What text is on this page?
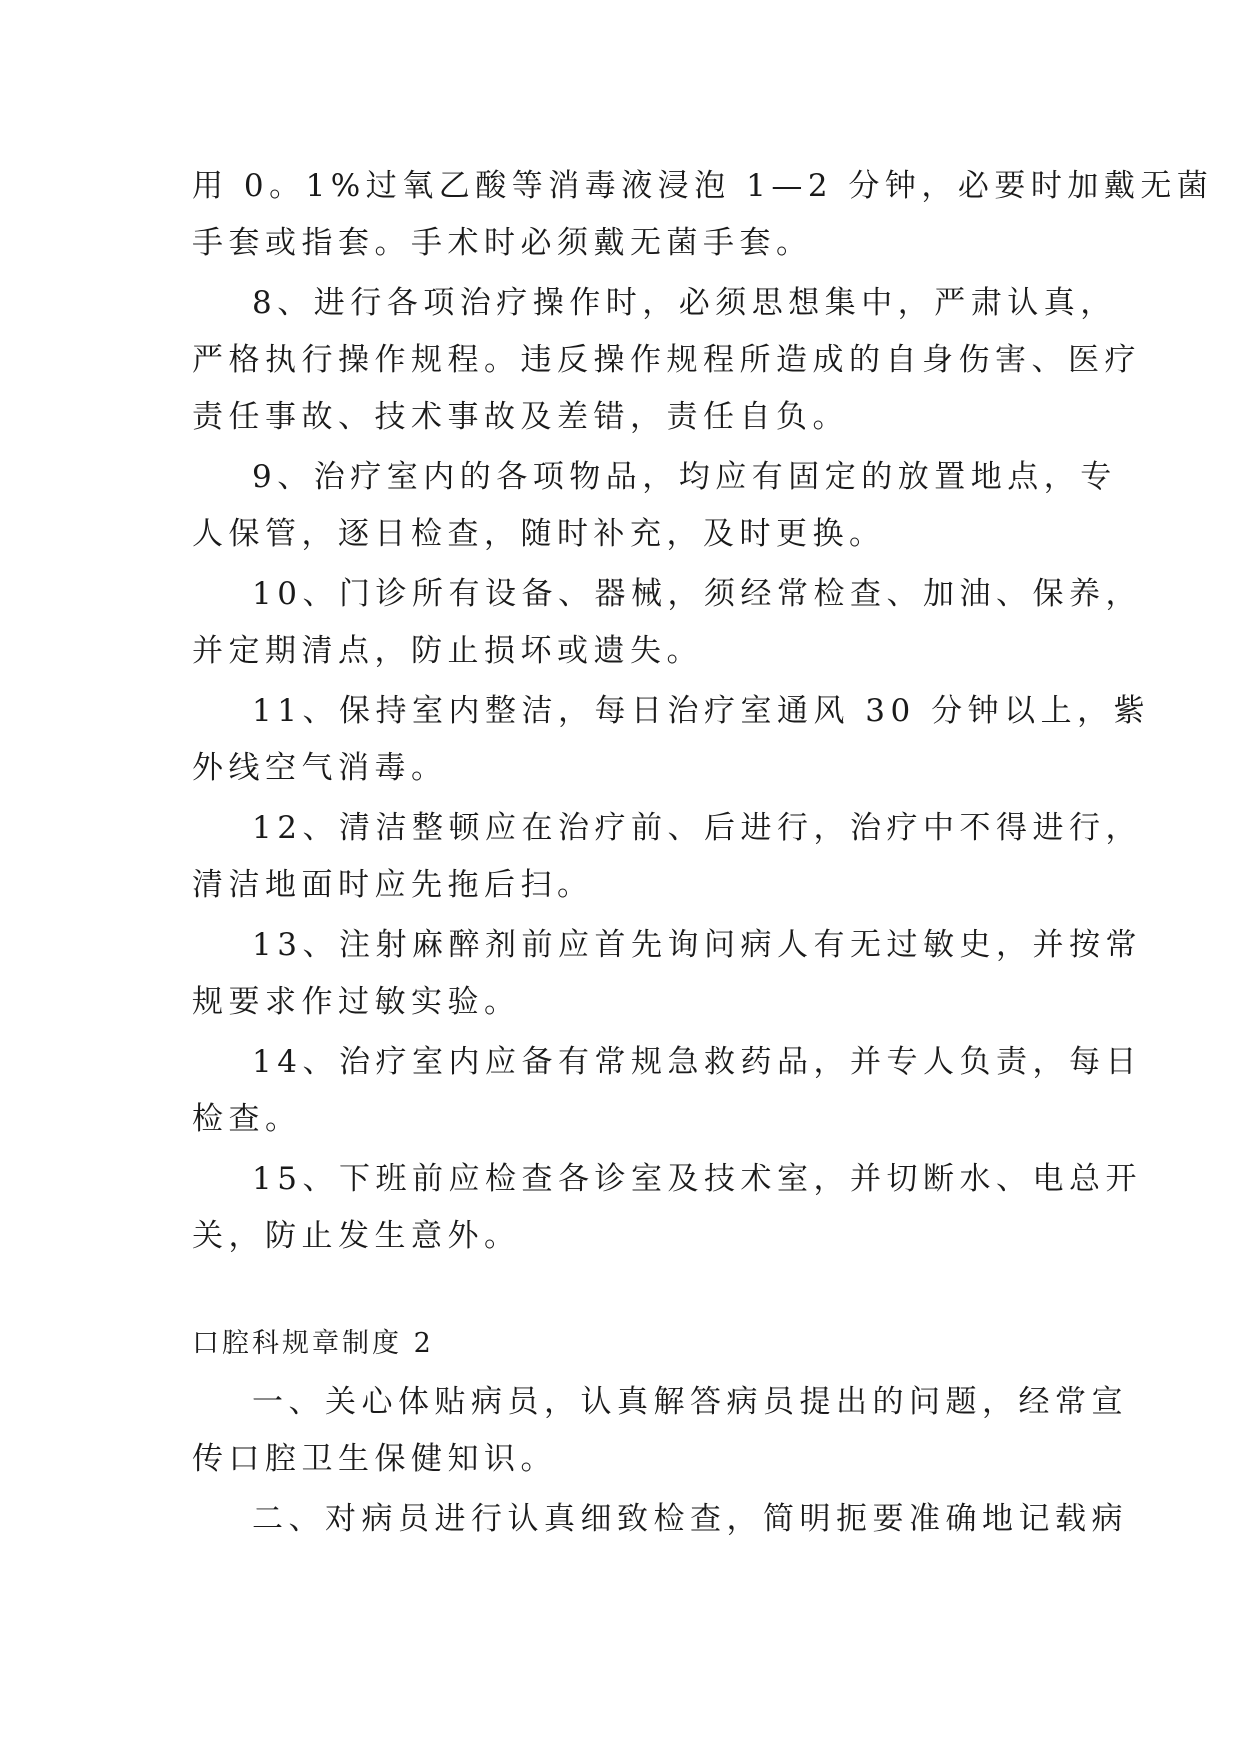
用 0。1%过氧乙酸等消毒液浸泡 1—2 分钟，必要时加戴无菌
手套或指套。手术时必须戴无菌手套。
8、进行各项治疗操作时，必须思想集中，严肃认真，
严格执行操作规程。违反操作规程所造成的自身伤害、医疗
责任事故、技术事故及差错，责任自负。
9、治疗室内的各项物品，均应有固定的放置地点，专
人保管，逐日检查，随时补充，及时更换。
10、门诊所有设备、器械，须经常检查、加油、保养，
并定期清点，防止损坏或遗失。
11、保持室内整洁，每日治疗室通风 30 分钟以上，紫
外线空气消毒。
12、清洁整顿应在治疗前、后进行，治疗中不得进行，
清洁地面时应先拖后扫。
13、注射麻醉剂前应首先询问病人有无过敏史，并按常
规要求作过敏实验。
14、治疗室内应备有常规急救药品，并专人负责，每日
检查。
15、下班前应检查各诊室及技术室，并切断水、电总开
关，防止发生意外。
口腔科规章制度 2
一、关心体贴病员，认真解答病员提出的问题，经常宣
传口腔卫生保健知识。
二、对病员进行认真细致检查，简明扼要准确地记载病
